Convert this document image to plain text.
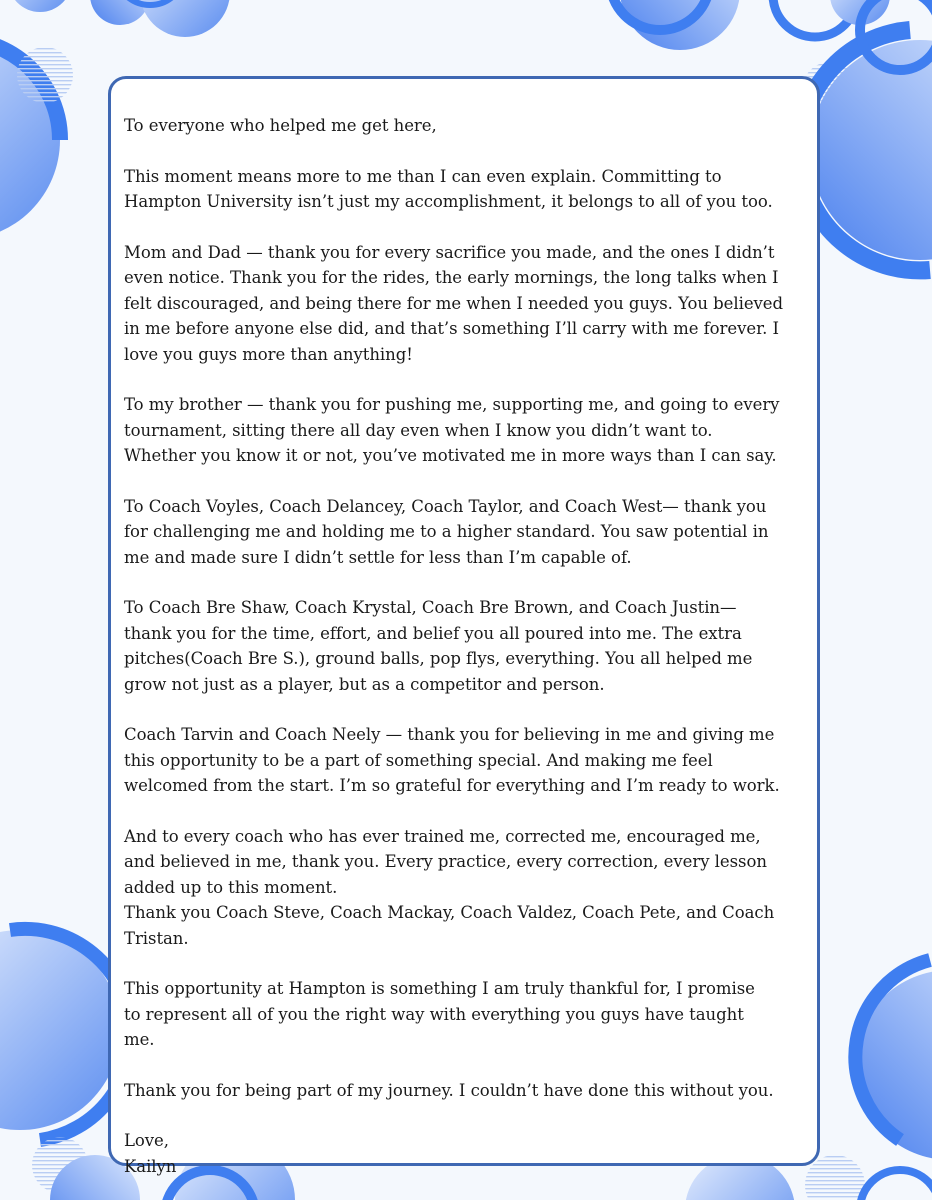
To everyone who helped me get here,
This moment means more to me than I can even explain. Committing to
Hampton University isn’t just my accomplishment, it belongs to all of you too.
Mom and Dad — thank you for every sacrifice you made, and the ones I didn’t
even notice. Thank you for the rides, the early mornings, the long talks when I
felt discouraged, and being there for me when I needed you guys. You believed
in me before anyone else did, and that’s something I’ll carry with me forever. I
love you guys more than anything!
To my brother — thank you for pushing me, supporting me, and going to every
tournament, sitting there all day even when I know you didn’t want to.
Whether you know it or not, you’ve motivated me in more ways than I can say.
To Coach Voyles, Coach Delancey, Coach Taylor, and Coach West— thank you
for challenging me and holding me to a higher standard. You saw potential in
me and made sure I didn’t settle for less than I’m capable of.
To Coach Bre Shaw, Coach Krystal, Coach Bre Brown, and Coach Justin—
thank you for the time, effort, and belief you all poured into me. The extra
pitches(Coach Bre S.), ground balls, pop flys, everything. You all helped me
grow not just as a player, but as a competitor and person.
Coach Tarvin and Coach Neely — thank you for believing in me and giving me
this opportunity to be a part of something special. And making me feel
welcomed from the start. I’m so grateful for everything and I’m ready to work.
And to every coach who has ever trained me, corrected me, encouraged me,
and believed in me, thank you. Every practice, every correction, every lesson
added up to this moment.
Thank you Coach Steve, Coach Mackay, Coach Valdez, Coach Pete, and Coach
Tristan.
This opportunity at Hampton is something I am truly thankful for, I promise
to represent all of you the right way with everything you guys have taught
me.
Thank you for being part of my journey. I couldn’t have done this without you.
Love,
Kailyn
